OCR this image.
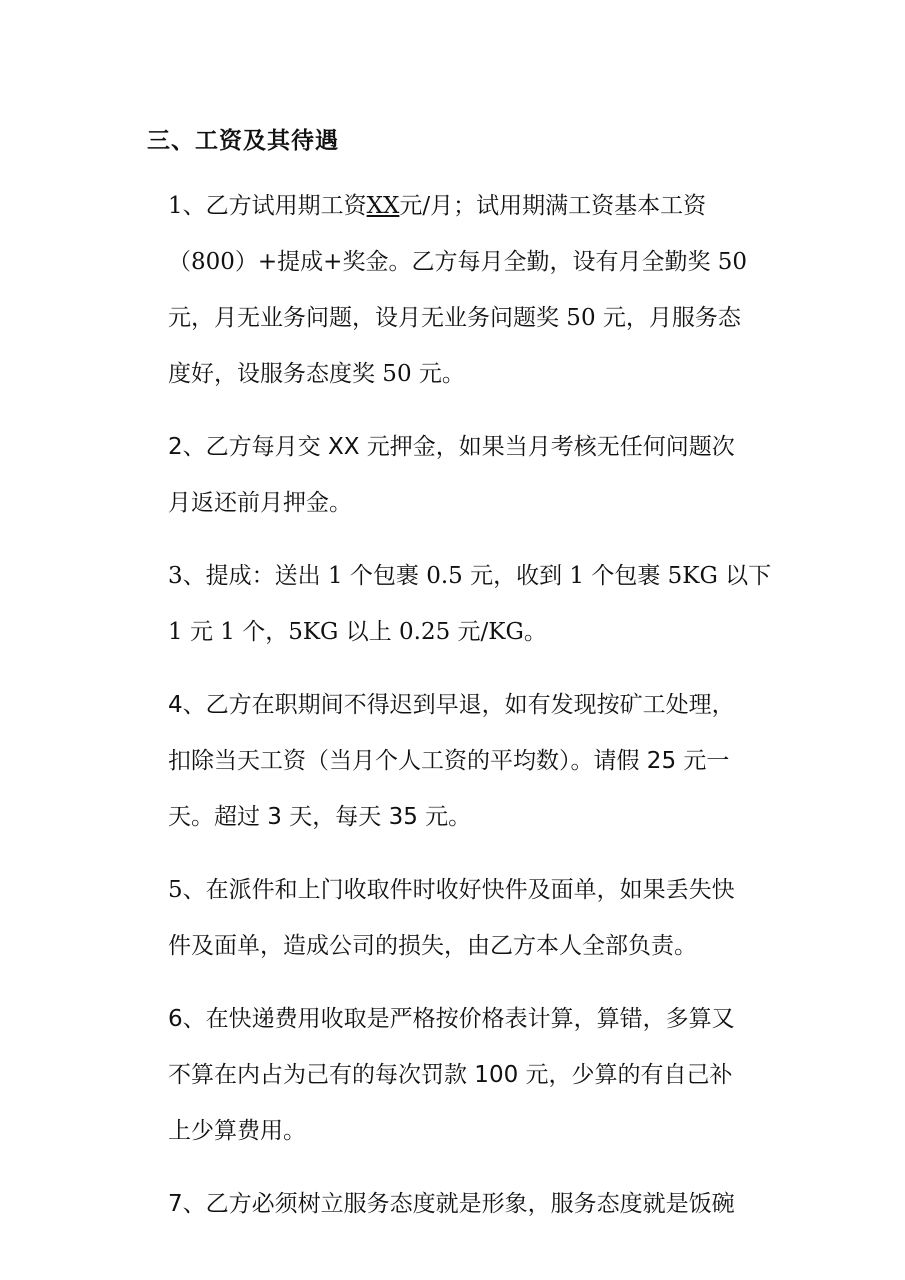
三、工资及其待遇
1、乙方试用期工资XX元/月；试用期满工资基本工资
（800）+提成+奖金。乙方每月全勤，设有月全勤奖 50
元，月无业务问题，设月无业务问题奖 50 元，月服务态
度好，设服务态度奖 50 元。
2、乙方每月交 XX 元押金，如果当月考核无任何问题次
月返还前月押金。
3、提成：送出 1 个包裹 0.5 元，收到 1 个包裹 5KG 以下
1 元 1 个，5KG 以上 0.25 元/KG。
4、乙方在职期间不得迟到早退，如有发现按矿工处理，
扣除当天工资（当月个人工资的平均数）。请假 25 元一
天。超过 3 天，每天 35 元。
5、在派件和上门收取件时收好快件及面单，如果丢失快
件及面单，造成公司的损失，由乙方本人全部负责。
6、在快递费用收取是严格按价格表计算，算错，多算又
不算在内占为己有的每次罚款 100 元，少算的有自己补
上少算费用。
7、乙方必须树立服务态度就是形象，服务态度就是饭碗
